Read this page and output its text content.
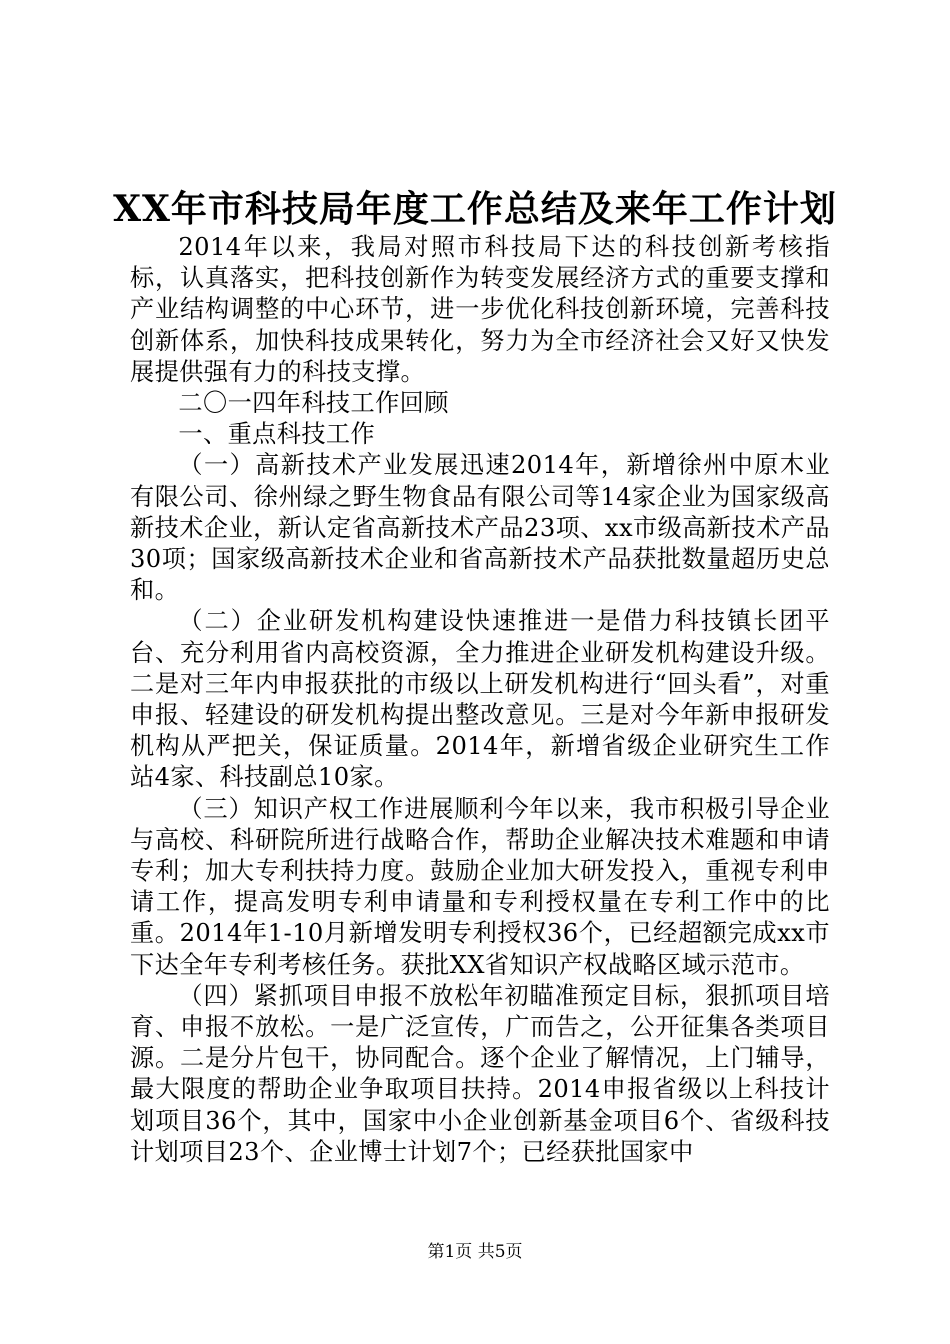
XX年市科技局年度工作总结及来年工作计划

2014年以来，我局对照市科技局下达的科技创新考核指标，认真落实，把科技创新作为转变发展经济方式的重要支撑和产业结构调整的中心环节，进一步优化科技创新环境，完善科技创新体系，加快科技成果转化，努力为全市经济社会又好又快发展提供强有力的科技支撑。

二〇一四年科技工作回顾

一、重点科技工作

（一）高新技术产业发展迅速2014年，新增徐州中原木业有限公司、徐州绿之野生物食品有限公司等14家企业为国家级高新技术企业，新认定省高新技术产品23项、xx市级高新技术产品30项；国家级高新技术企业和省高新技术产品获批数量超历史总和。

（二）企业研发机构建设快速推进一是借力科技镇长团平台、充分利用省内高校资源，全力推进企业研发机构建设升级。二是对三年内申报获批的市级以上研发机构进行“回头看”，对重申报、轻建设的研发机构提出整改意见。三是对今年新申报研发机构从严把关，保证质量。2014年，新增省级企业研究生工作站4家、科技副总10家。

（三）知识产权工作进展顺利今年以来，我市积极引导企业与高校、科研院所进行战略合作，帮助企业解决技术难题和申请专利；加大专利扶持力度。鼓励企业加大研发投入，重视专利申请工作，提高发明专利申请量和专利授权量在专利工作中的比重。2014年1-10月新增发明专利授权36个，已经超额完成xx市下达全年专利考核任务。获批XX省知识产权战略区域示范市。

（四）紧抓项目申报不放松年初瞄准预定目标，狠抓项目培育、申报不放松。一是广泛宣传，广而告之，公开征集各类项目源。二是分片包干，协同配合。逐个企业了解情况，上门辅导，最大限度的帮助企业争取项目扶持。2014申报省级以上科技计划项目36个，其中，国家中小企业创新基金项目6个、省级科技计划项目23个、企业博士计划7个；已经获批国家中

第1页 共5页
